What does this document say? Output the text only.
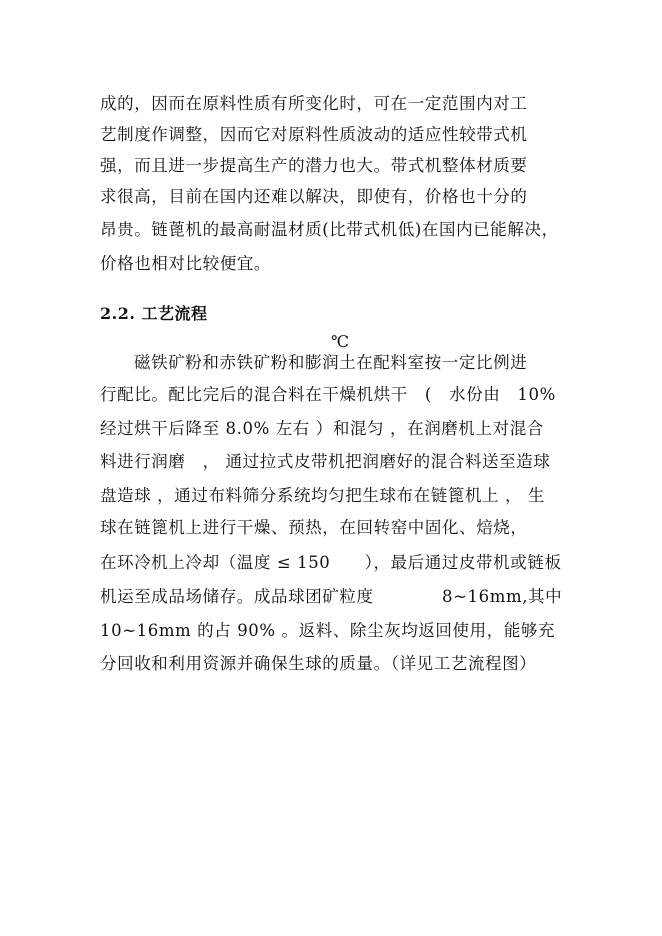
成的，因而在原料性质有所变化时，可在一定范围内对工
艺制度作调整，因而它对原料性质波动的适应性较带式机
强，而且进一步提高生产的潜力也大。带式机整体材质要
求很高，目前在国内还难以解决，即使有，价格也十分的
昂贵。链蓖机的最高耐温材质(比带式机低)在国内已能解决，
价格也相对比较便宜。
2.2. 工艺流程
℃
磁铁矿粉和赤铁矿粉和膨润土在配料室按一定比例进
行配比。配比完后的混合料在干燥机烘干　(　水份由　10%
经过烘干后降至 8.0% 左右 ）和混匀 ，在润磨机上对混合
料进行润磨　， 通过拉式皮带机把润磨好的混合料送至造球
盘造球 ，通过布料筛分系统均匀把生球布在链篦机上 ， 生
球在链篦机上进行干燥、预热，在回转窑中固化、焙烧，
在环冷机上冷却（温度 ≤ 150　　），最后通过皮带机或链板
机运至成品场储存。成品球团矿粒度　　　　8~16mm,其中
10~16mm 的占 90% 。返料、除尘灰均返回使用，能够充
分回收和利用资源并确保生球的质量。（详见工艺流程图）
